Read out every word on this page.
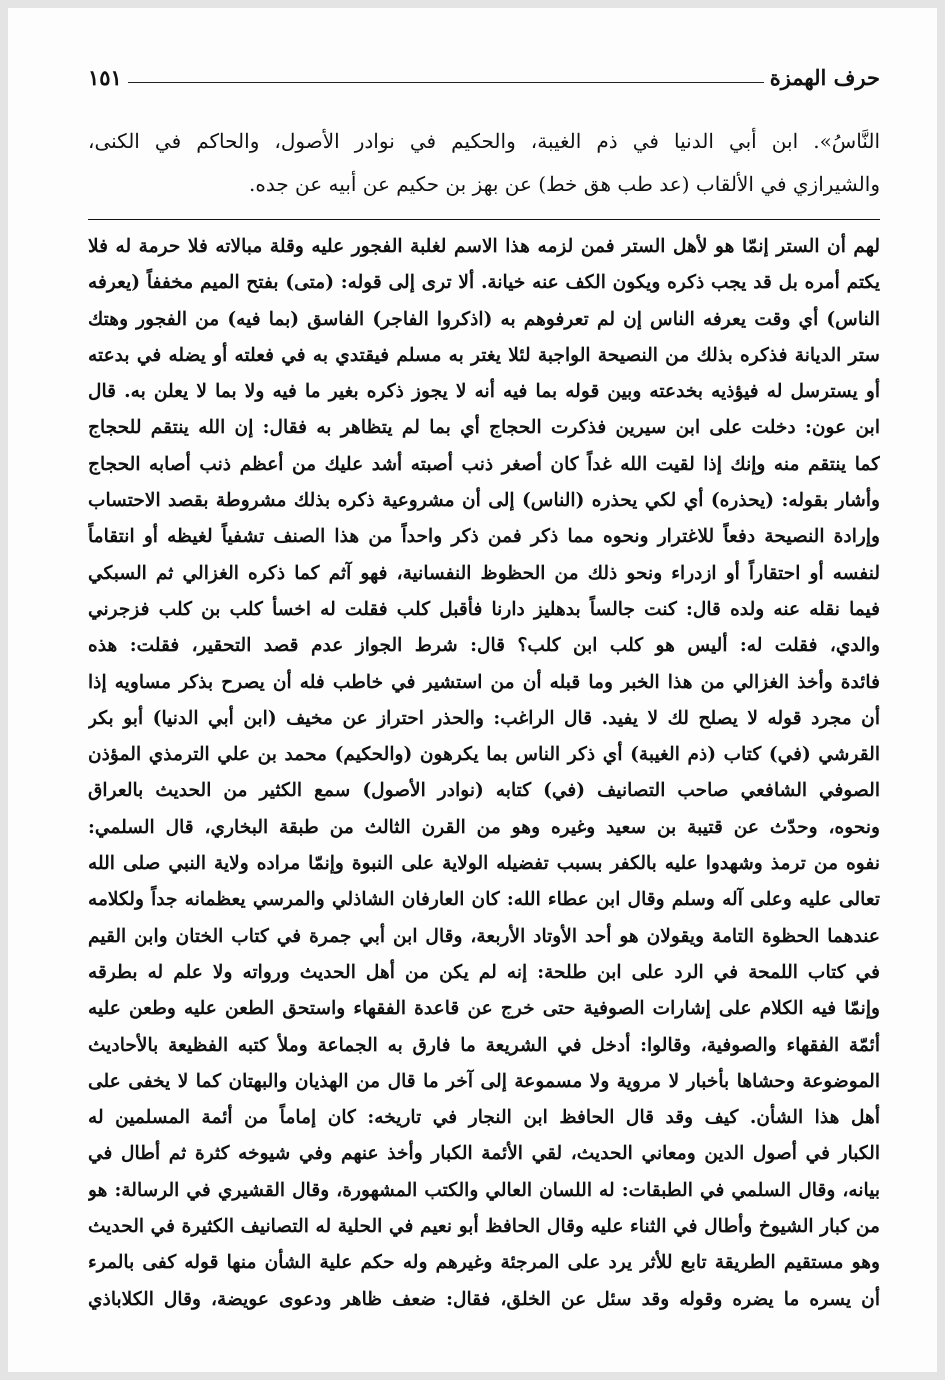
حرف الهمزة
١٥١
النَّاسُ». ابن أبي الدنيا في ذم الغيبة، والحكيم في نوادر الأصول، والحاكم في الكنى،
والشيرازي في الألقاب (عد طب هق خط) عن بهز بن حكيم عن أبيه عن جده.
لهم أن الستر إنمّا هو لأهل الستر فمن لزمه هذا الاسم لغلبة الفجور عليه وقلة مبالاته فلا حرمة له فلا
يكتم أمره بل قد يجب ذكره ويكون الكف عنه خيانة. ألا ترى إلى قوله: (متى) بفتح الميم مخففاً (يعرفه
الناس) أي وقت يعرفه الناس إن لم تعرفوهم به (اذكروا الفاجر) الفاسق (بما فيه) من الفجور وهتك
ستر الديانة فذكره بذلك من النصيحة الواجبة لئلا يغتر به مسلم فيقتدي به في فعلته أو يضله في بدعته
أو يسترسل له فيؤذيه بخدعته وبين قوله بما فيه أنه لا يجوز ذكره بغير ما فيه ولا بما لا يعلن به. قال
ابن عون: دخلت على ابن سيرين فذكرت الحجاج أي بما لم يتظاهر به فقال: إن الله ينتقم للحجاج
كما ينتقم منه وإنك إذا لقيت الله غداً كان أصغر ذنب أصبته أشد عليك من أعظم ذنب أصابه الحجاج
وأشار بقوله: (يحذره) أي لكي يحذره (الناس) إلى أن مشروعية ذكره بذلك مشروطة بقصد الاحتساب
وإرادة النصيحة دفعاً للاغترار ونحوه مما ذكر فمن ذكر واحداً من هذا الصنف تشفياً لغيظه أو انتقاماً
لنفسه أو احتقاراً أو ازدراء ونحو ذلك من الحظوظ النفسانية، فهو آثم كما ذكره الغزالي ثم السبكي
فيما نقله عنه ولده قال: كنت جالساً بدهليز دارنا فأقبل كلب فقلت له اخسأ كلب بن كلب فزجرني
والدي، فقلت له: أليس هو كلب ابن كلب؟ قال: شرط الجواز عدم قصد التحقير، فقلت: هذه
فائدة وأخذ الغزالي من هذا الخبر وما قبله أن من استشير في خاطب فله أن يصرح بذكر مساويه إذا
أن مجرد قوله لا يصلح لك لا يفيد. قال الراغب: والحذر احتراز عن مخيف (ابن أبي الدنيا) أبو بكر
القرشي (في) كتاب (ذم الغيبة) أي ذكر الناس بما يكرهون (والحكيم) محمد بن علي الترمذي المؤذن
الصوفي الشافعي صاحب التصانيف (في) كتابه (نوادر الأصول) سمع الكثير من الحديث بالعراق
ونحوه، وحدّث عن قتيبة بن سعيد وغيره وهو من القرن الثالث من طبقة البخاري، قال السلمي:
نفوه من ترمذ وشهدوا عليه بالكفر بسبب تفضيله الولاية على النبوة وإنمّا مراده ولاية النبي صلى الله
تعالى عليه وعلى آله وسلم وقال ابن عطاء الله: كان العارفان الشاذلي والمرسي يعظمانه جداً ولكلامه
عندهما الحظوة التامة ويقولان هو أحد الأوتاد الأربعة، وقال ابن أبي جمرة في كتاب الختان وابن القيم
في كتاب اللمحة في الرد على ابن طلحة: إنه لم يكن من أهل الحديث ورواته ولا علم له بطرقه
وإنمّا فيه الكلام على إشارات الصوفية حتى خرج عن قاعدة الفقهاء واستحق الطعن عليه وطعن عليه
أئمّة الفقهاء والصوفية، وقالوا: أدخل في الشريعة ما فارق به الجماعة وملأ كتبه الفظيعة بالأحاديث
الموضوعة وحشاها بأخبار لا مروية ولا مسموعة إلى آخر ما قال من الهذيان والبهتان كما لا يخفى على
أهل هذا الشأن. كيف وقد قال الحافظ ابن النجار في تاريخه: كان إماماً من أئمة المسلمين له
الكبار في أصول الدين ومعاني الحديث، لقي الأئمة الكبار وأخذ عنهم وفي شيوخه كثرة ثم أطال في
بيانه، وقال السلمي في الطبقات: له اللسان العالي والكتب المشهورة، وقال القشيري في الرسالة: هو
من كبار الشيوخ وأطال في الثناء عليه وقال الحافظ أبو نعيم في الحلية له التصانيف الكثيرة في الحديث
وهو مستقيم الطريقة تابع للأثر يرد على المرجئة وغيرهم وله حكم علية الشأن منها قوله كفى بالمرء
أن يسره ما يضره وقوله وقد سئل عن الخلق، فقال: ضعف ظاهر ودعوى عويضة، وقال الكلاباذي
